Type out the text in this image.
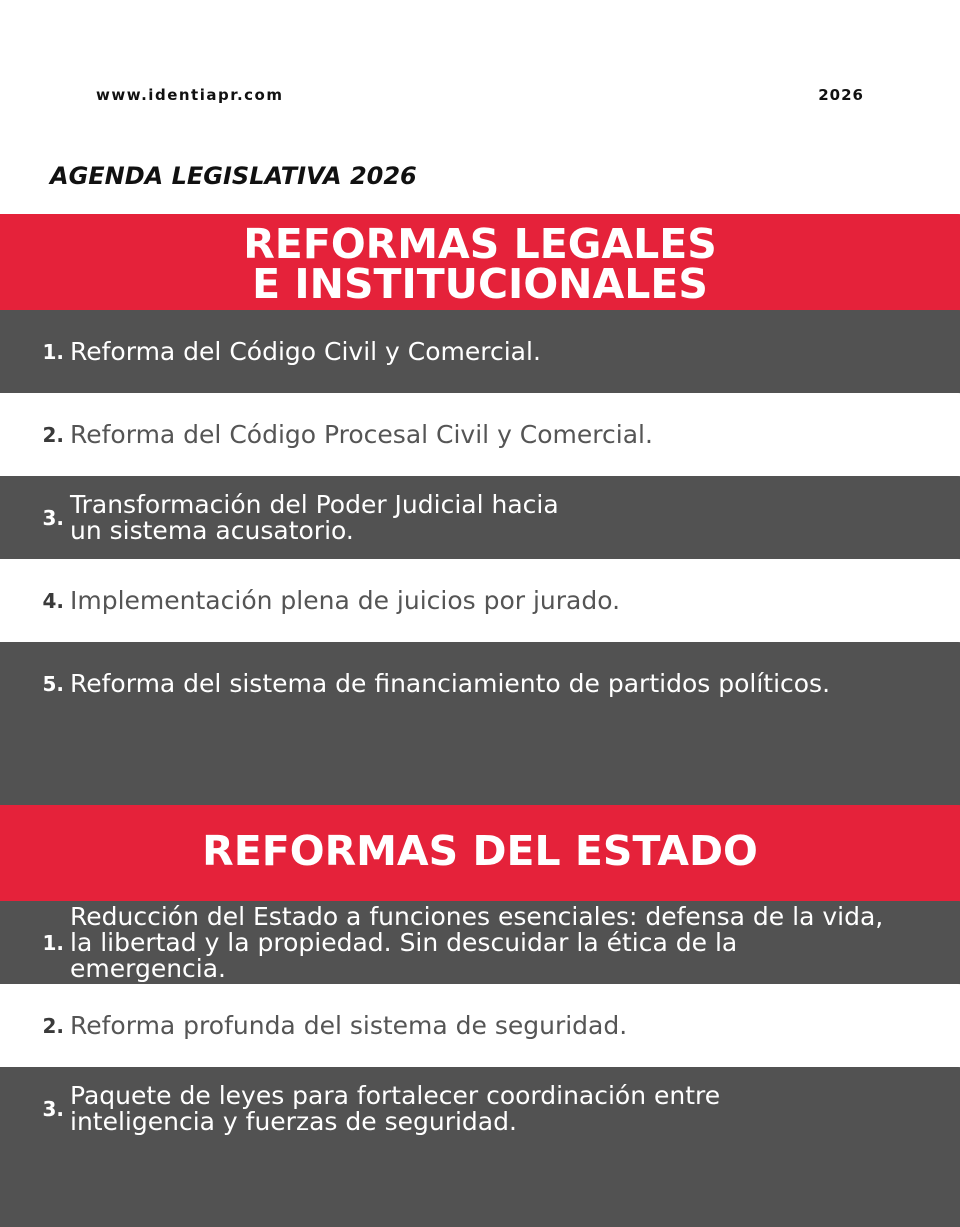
www.identiapr.com	2026
AGENDA LEGISLATIVA 2026
REFORMAS LEGALES
E INSTITUCIONALES
1. Reforma del Código Civil y Comercial.
2. Reforma del Código Procesal Civil y Comercial.
3. Transformación del Poder Judicial hacia un sistema acusatorio.
4. Implementación plena de juicios por jurado.
5. Reforma del sistema de financiamiento de partidos políticos.
REFORMAS DEL ESTADO
1.
Reducción del Estado a funciones esenciales: defensa de la vida, la libertad y la propiedad. Sin descuidar la ética de la emergencia.
2. Reforma profunda del sistema de seguridad.
3. Paquete de leyes para fortalecer coordinación entre inteligencia y fuerzas de seguridad.
